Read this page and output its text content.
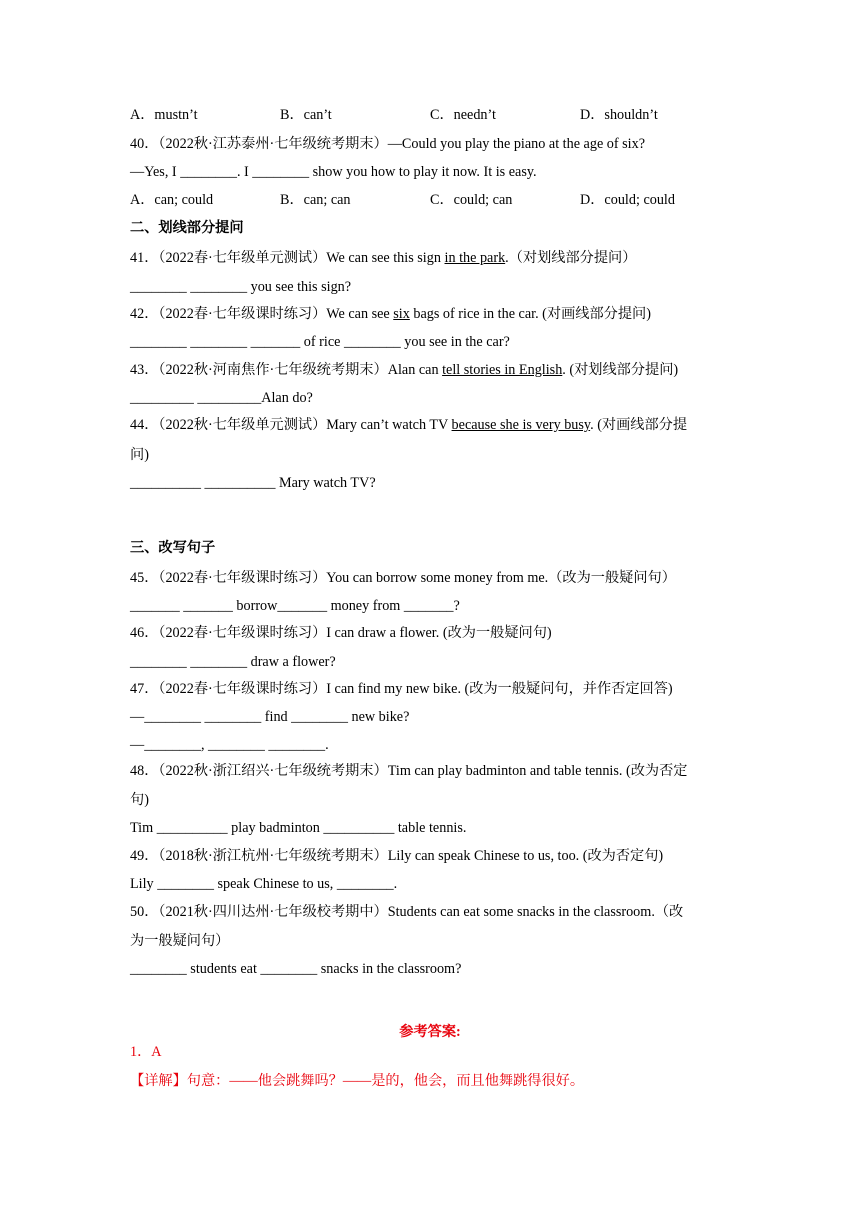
A．mustn’t	B．can’t	C．needn’t	D．shouldn’t
40．（2022秋·江苏泰州·七年级统考期末）—Could you play the piano at the age of six?
—Yes, I ________. I ________ show you how to play it now. It is easy.
A．can; could	B．can; can	C．could; can	D．could; could
二、划线部分提问
41．（2022春·七年级单元测试）We can see this sign in the park.（对划线部分提问）
________ ________ you see this sign?
42．（2022春·七年级课时练习）We can see six bags of rice in the car. (对画线部分提问)
________ ________ _______ of rice ________ you see in the car?
43．（2022秋·河南焦作·七年级统考期末）Alan can tell stories in English. (对划线部分提问)
_________ _________Alan do?
44．（2022秋·七年级单元测试）Mary can’t watch TV because she is very busy. (对画线部分提
问)
__________ __________ Mary watch TV?
三、改写句子
45．（2022春·七年级课时练习）You can borrow some money from me.（改为一般疑问句）
_______ _______ borrow_______ money from _______?
46．（2022春·七年级课时练习）I can draw a flower. (改为一般疑问句)
________ ________ draw a flower?
47．（2022春·七年级课时练习）I can find my new bike. (改为一般疑问句，并作否定回答)
—________ ________ find ________ new bike?
—________, ________ ________.
48．（2022秋·浙江绍兴·七年级统考期末）Tim can play badminton and table tennis. (改为否定
句)
Tim __________ play badminton __________ table tennis.
49．（2018秋·浙江杭州·七年级统考期末）Lily can speak Chinese to us, too. (改为否定句)
Lily ________ speak Chinese to us, ________.
50．（2021秋·四川达州·七年级校考期中）Students can eat some snacks in the classroom.（改
为一般疑问句）
________ students eat ________ snacks in the classroom?
参考答案:
1．A
【详解】句意：——他会跳舞吗？——是的，他会，而且他舞跳得很好。
